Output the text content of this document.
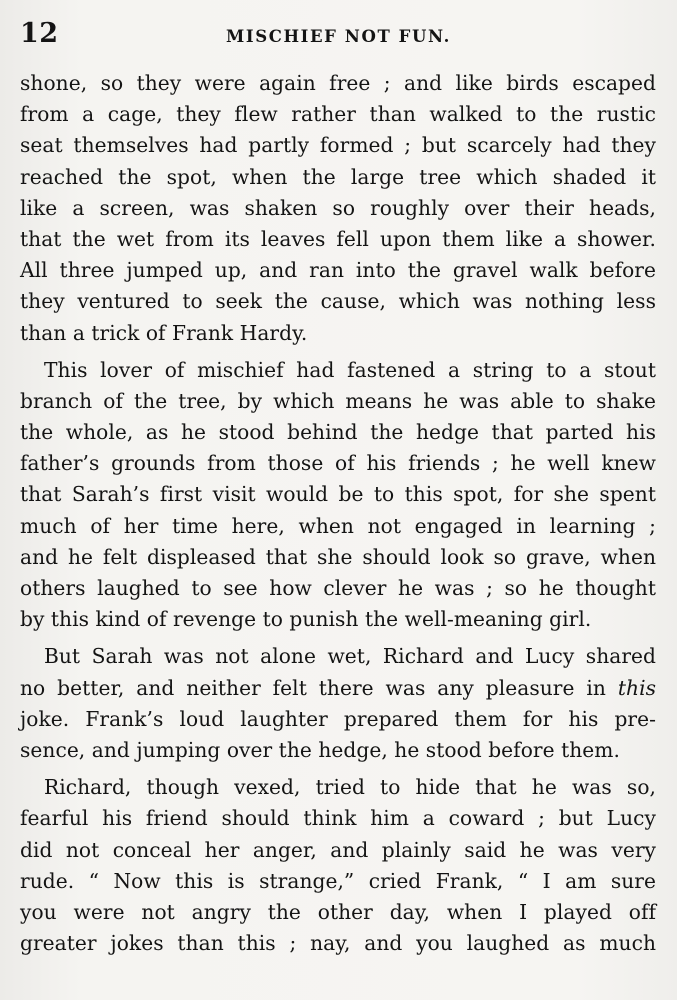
12	MISCHIEF NOT FUN.
shone, so they were again free ; and like birds escaped
from a cage, they flew rather than walked to the rustic
seat themselves had partly formed ; but scarcely had they
reached the spot, when the large tree which shaded it
like a screen, was shaken so roughly over their heads,
that the wet from its leaves fell upon them like a shower.
All three jumped up, and ran into the gravel walk before
they ventured to seek the cause, which was nothing less
than a trick of Frank Hardy.
This lover of mischief had fastened a string to a stout
branch of the tree, by which means he was able to shake
the whole, as he stood behind the hedge that parted his
father’s grounds from those of his friends ; he well knew
that Sarah’s first visit would be to this spot, for she spent
much of her time here, when not engaged in learning ;
and he felt displeased that she should look so grave, when
others laughed to see how clever he was ; so he thought
by this kind of revenge to punish the well-meaning girl.
But Sarah was not alone wet, Richard and Lucy shared
no better, and neither felt there was any pleasure in this
joke. Frank’s loud laughter prepared them for his pre-
sence, and jumping over the hedge, he stood before them.
Richard, though vexed, tried to hide that he was so,
fearful his friend should think him a coward ; but Lucy
did not conceal her anger, and plainly said he was very
rude. “ Now this is strange,” cried Frank, “ I am sure
you were not angry the other day, when I played off
greater jokes than this ; nay, and you laughed as much
